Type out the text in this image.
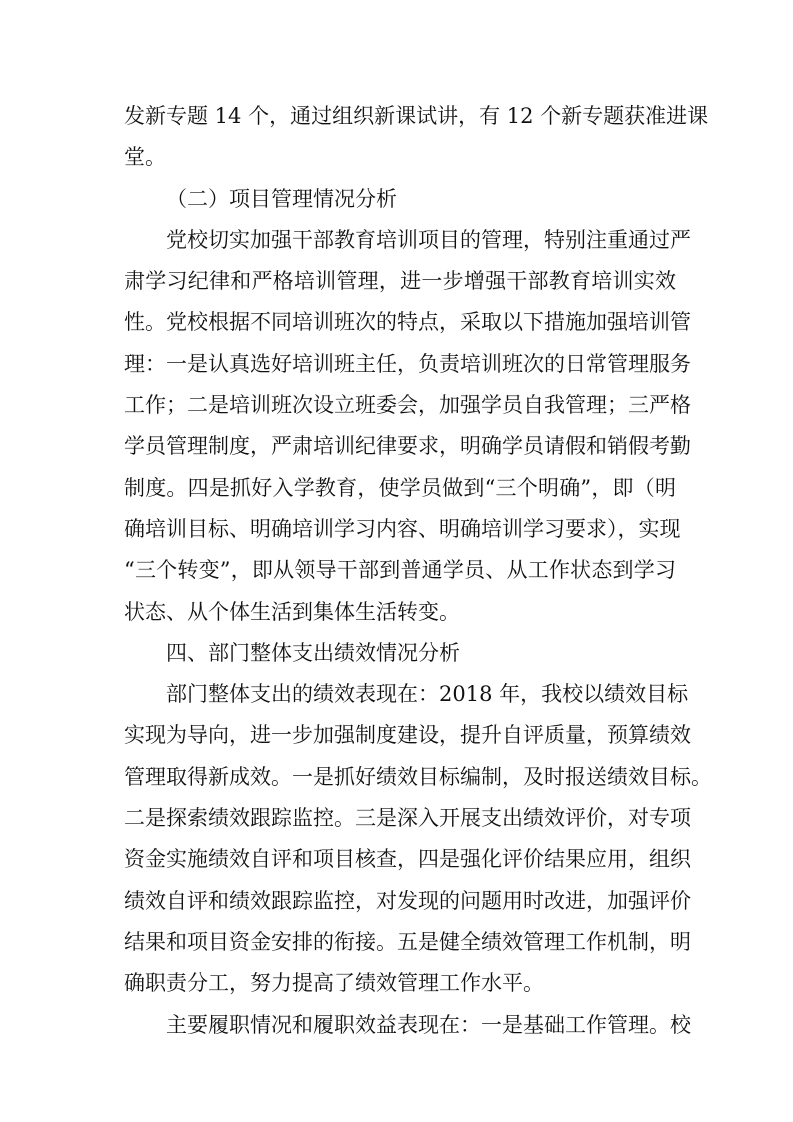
发新专题 14 个，通过组织新课试讲，有 12 个新专题获准进课
堂。
（二）项目管理情况分析
党校切实加强干部教育培训项目的管理，特别注重通过严
肃学习纪律和严格培训管理，进一步增强干部教育培训实效
性。党校根据不同培训班次的特点，采取以下措施加强培训管
理：一是认真选好培训班主任，负责培训班次的日常管理服务
工作；二是培训班次设立班委会，加强学员自我管理；三严格
学员管理制度，严肃培训纪律要求，明确学员请假和销假考勤
制度。四是抓好入学教育，使学员做到“三个明确”，即（明
确培训目标、明确培训学习内容、明确培训学习要求），实现
“三个转变”，即从领导干部到普通学员、从工作状态到学习
状态、从个体生活到集体生活转变。
四、部门整体支出绩效情况分析
部门整体支出的绩效表现在：2018 年，我校以绩效目标
实现为导向，进一步加强制度建设，提升自评质量，预算绩效
管理取得新成效。一是抓好绩效目标编制，及时报送绩效目标。
二是探索绩效跟踪监控。三是深入开展支出绩效评价，对专项
资金实施绩效自评和项目核查，四是强化评价结果应用，组织
绩效自评和绩效跟踪监控，对发现的问题用时改进，加强评价
结果和项目资金安排的衔接。五是健全绩效管理工作机制，明
确职责分工，努力提高了绩效管理工作水平。
主要履职情况和履职效益表现在：一是基础工作管理。校
